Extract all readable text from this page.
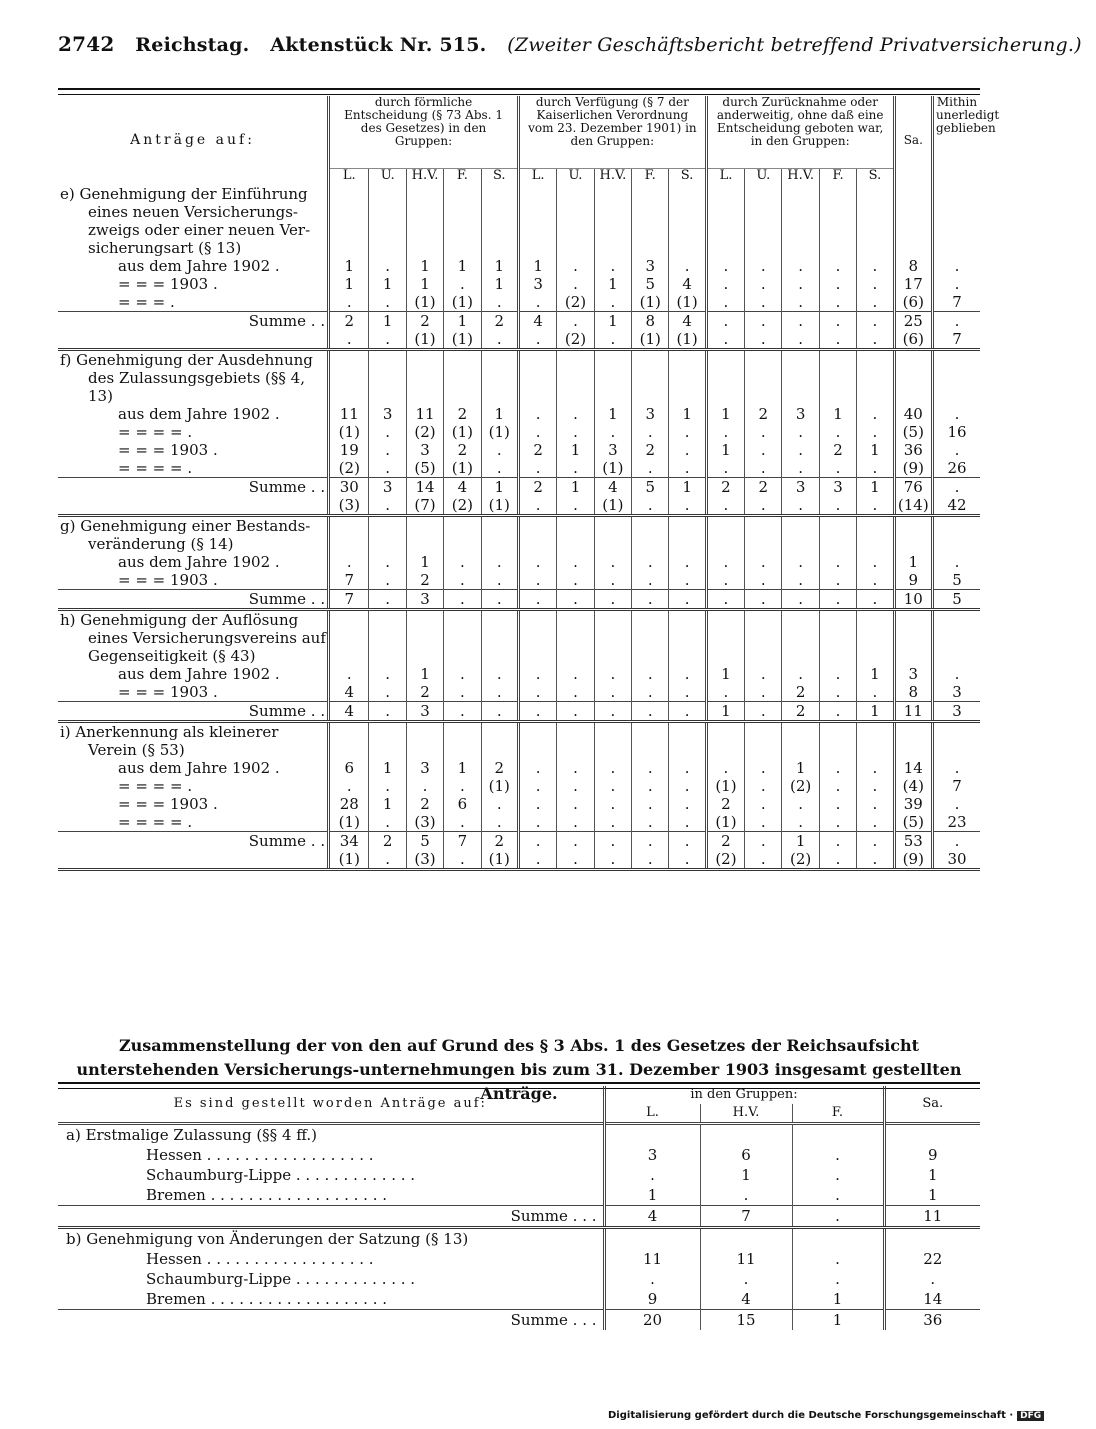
2742 Reichstag. Aktenstück Nr. 515. (Zweiter Geschäftsbericht betreffend Privatversicherung.)
Anträge auf:	durch förmliche Entscheidung (§ 73 Abs. 1 des Gesetzes) in den Gruppen:					durch Verfügung (§ 7 der Kaiserlichen Verordnung vom 23. Dezember 1901) in den Gruppen:					durch Zurücknahme oder anderweitig, ohne daß eine Entscheidung geboten war, in den Gruppen:					Sa.	Mithin unerledigt geblieben
	L.	U.	H.V.	F.	S.	L.	U.	H.V.	F.	S.	L.	U.	H.V.	F.	S.		
e) Genehmigung der Einführung																	
eines neuen Versicherungs-																	
zweigs oder einer neuen Ver-																	
sicherungsart (§ 13)																	
aus dem Jahre 1902 .	1	.	1	1	1	1	.	.	3	.	.	.	.	.	.	8	.
= = = 1903 .	1	1	1	.	1	3	.	1	5	4	.	.	.	.	.	17	.
= = = .	.	.	(1)	(1)	.	.	(2)	.	(1)	(1)	.	.	.	.	.	(6)	7
Summe . .	2	1	2	1	2	4	.	1	8	4	.	.	.	.	.	25	.
	.	.	(1)	(1)	.	.	(2)	.	(1)	(1)	.	.	.	.	.	(6)	7
f) Genehmigung der Ausdehnung																	
des Zulassungsgebiets (§§ 4,																	
13)																	
aus dem Jahre 1902 .	11	3	11	2	1	.	.	1	3	1	1	2	3	1	.	40	.
= = = = .	(1)	.	(2)	(1)	(1)	.	.	.	.	.	.	.	.	.	.	(5)	16
= = = 1903 .	19	.	3	2	.	2	1	3	2	.	1	.	.	2	1	36	.
= = = = .	(2)	.	(5)	(1)	.	.	.	(1)	.	.	.	.	.	.	.	(9)	26
Summe . .	30	3	14	4	1	2	1	4	5	1	2	2	3	3	1	76	.
	(3)	.	(7)	(2)	(1)	.	.	(1)	.	.	.	.	.	.	.	(14)	42
g) Genehmigung einer Bestands-																	
veränderung (§ 14)																	
aus dem Jahre 1902 .	.	.	1	.	.	.	.	.	.	.	.	.	.	.	.	1	.
= = = 1903 .	7	.	2	.	.	.	.	.	.	.	.	.	.	.	.	9	5
Summe . .	7	.	3	.	.	.	.	.	.	.	.	.	.	.	.	10	5
h) Genehmigung der Auflösung																	
eines Versicherungsvereins auf																	
Gegenseitigkeit (§ 43)																	
aus dem Jahre 1902 .	.	.	1	.	.	.	.	.	.	.	1	.	.	.	1	3	.
= = = 1903 .	4	.	2	.	.	.	.	.	.	.	.	.	2	.	.	8	3
Summe . .	4	.	3	.	.	.	.	.	.	.	1	.	2	.	1	11	3
i) Anerkennung als kleinerer																	
Verein (§ 53)																	
aus dem Jahre 1902 .	6	1	3	1	2	.	.	.	.	.	.	.	1	.	.	14	.
= = = = .	.	.	.	.	(1)	.	.	.	.	.	(1)	.	(2)	.	.	(4)	7
= = = 1903 .	28	1	2	6	.	.	.	.	.	.	2	.	.	.	.	39	.
= = = = .	(1)	.	(3)	.	.	.	.	.	.	.	(1)	.	.	.	.	(5)	23
Summe . .	34	2	5	7	2	.	.	.	.	.	2	.	1	.	.	53	.
	(1)	.	(3)	.	(1)	.	.	.	.	.	(2)	.	(2)	.	.	(9)	30
Zusammenstellung der von den auf Grund des § 3 Abs. 1 des Gesetzes der Reichsaufsicht unterstehenden Versicherungs-unternehmungen bis zum 31. Dezember 1903 insgesamt gestellten Anträge.
Es sind gestellt worden Anträge auf:	in den Gruppen:			Sa.
	L.	H.V.	F.	
a) Erstmalige Zulassung (§§ 4 ff.)				
Hessen . . . . . . . . . . . . . . . . . .	3	6	.	9
Schaumburg-Lippe . . . . . . . . . . . . .	.	1	.	1
Bremen . . . . . . . . . . . . . . . . . . .	1	.	.	1
Summe . . .	4	7	.	11
b) Genehmigung von Änderungen der Satzung (§ 13)				
Hessen . . . . . . . . . . . . . . . . . .	11	11	.	22
Schaumburg-Lippe . . . . . . . . . . . . .	.	.	.	.
Bremen . . . . . . . . . . . . . . . . . . .	9	4	1	14
Summe . . .	20	15	1	36
Digitalisierung gefördert durch die Deutsche Forschungsgemeinschaft · DFG
